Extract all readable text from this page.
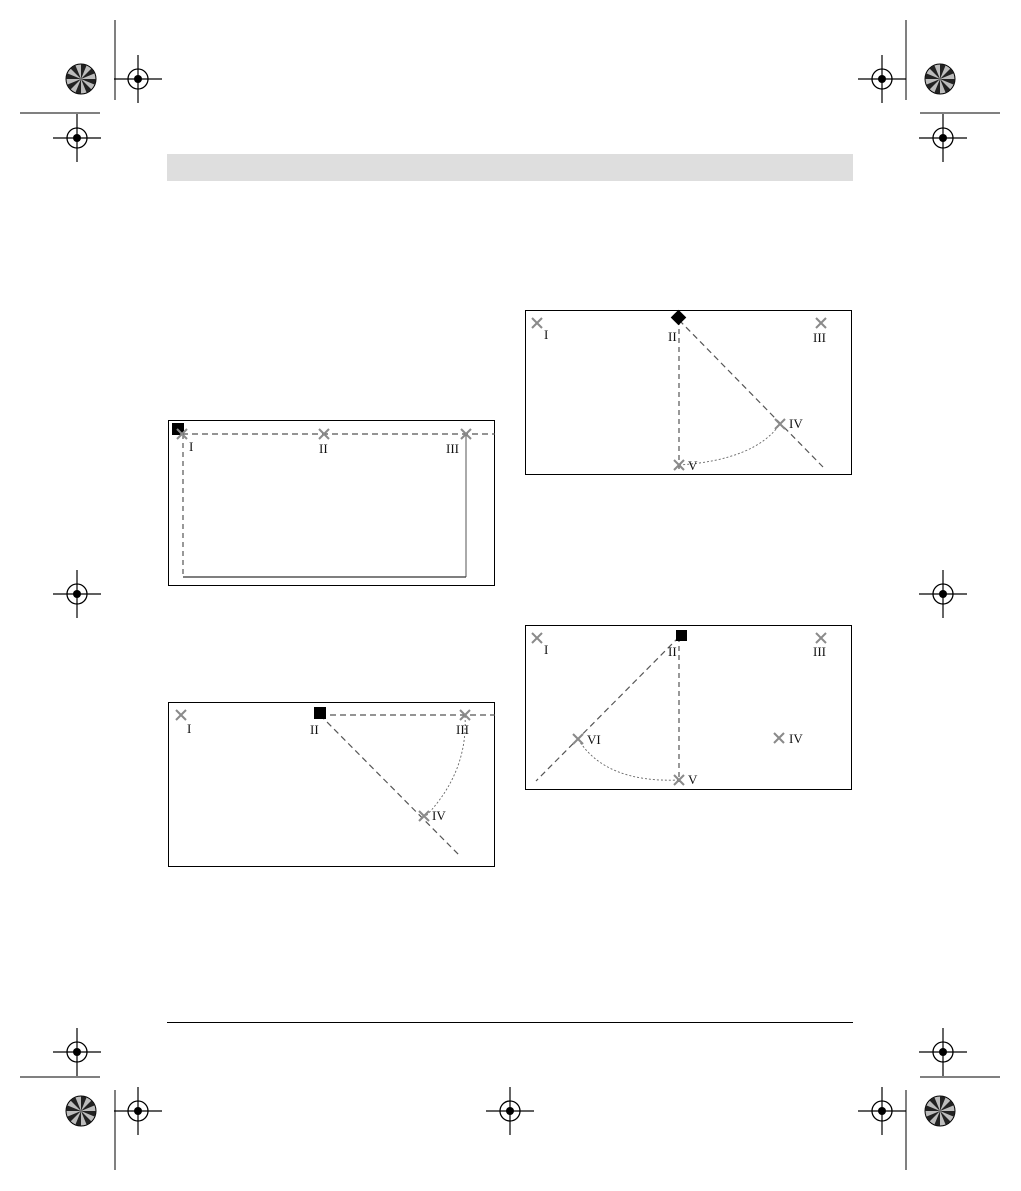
I	II	III
I	II	III
IV
I	II	III
IV
V
I	II	III
IV
V
VI
